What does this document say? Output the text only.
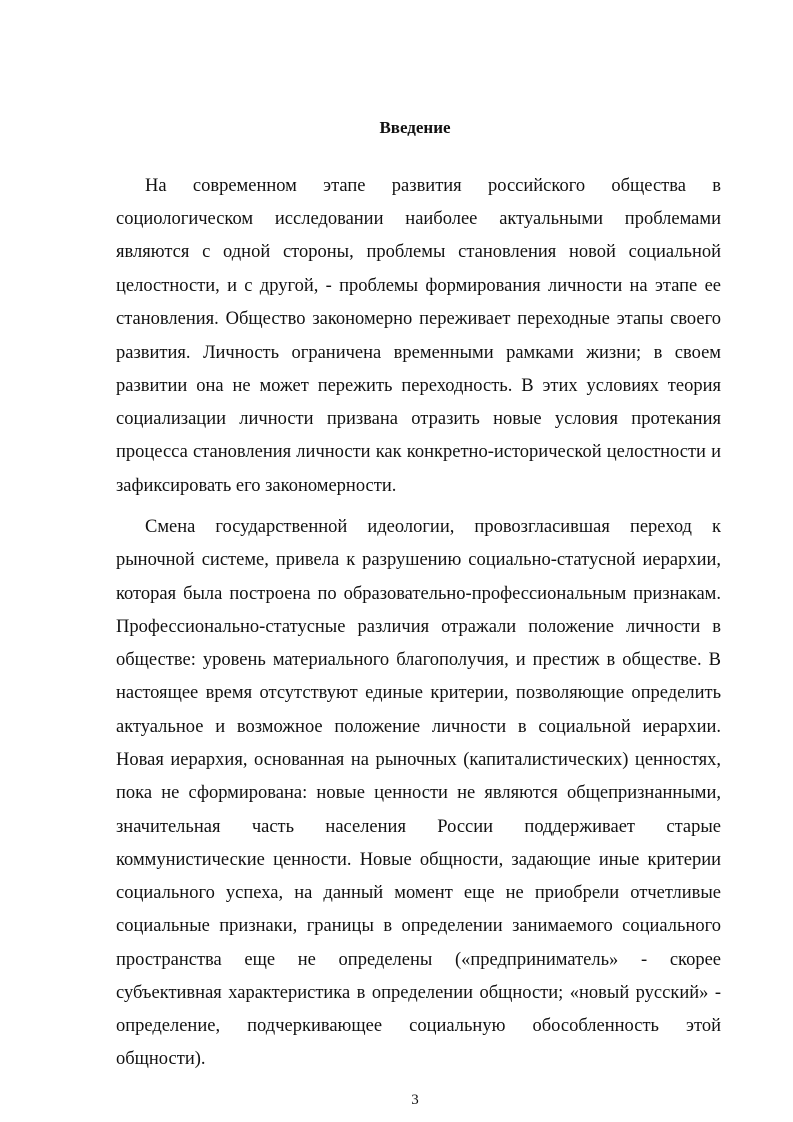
Введение
На современном этапе развития российского общества в
социологическом исследовании наиболее актуальными проблемами
являются с одной стороны, проблемы становления новой социальной
целостности, и с другой, - проблемы формирования личности на этапе ее
становления. Общество закономерно переживает переходные этапы своего
развития. Личность ограничена временными рамками жизни; в своем
развитии она не может пережить переходность. В этих условиях теория
социализации личности призвана отразить новые условия протекания
процесса становления личности как конкретно-исторической целостности и
зафиксировать его закономерности.
Смена государственной идеологии, провозгласившая переход к
рыночной системе, привела к разрушению социально-статусной иерархии,
которая была построена по образовательно-профессиональным признакам.
Профессионально-статусные различия отражали положение личности в
обществе: уровень материального благополучия, и престиж в обществе. В
настоящее время отсутствуют единые критерии, позволяющие определить
актуальное и возможное положение личности в социальной иерархии.
Новая иерархия, основанная на рыночных (капиталистических) ценностях,
пока не сформирована: новые ценности не являются общепризнанными,
значительная часть населения России поддерживает старые
коммунистические ценности. Новые общности, задающие иные критерии
социального успеха, на данный момент еще не приобрели отчетливые
социальные признаки, границы в определении занимаемого социального
пространства еще не определены («предприниматель» - скорее
субъективная характеристика в определении общности; «новый русский» -
определение, подчеркивающее социальную обособленность этой
общности).
3
